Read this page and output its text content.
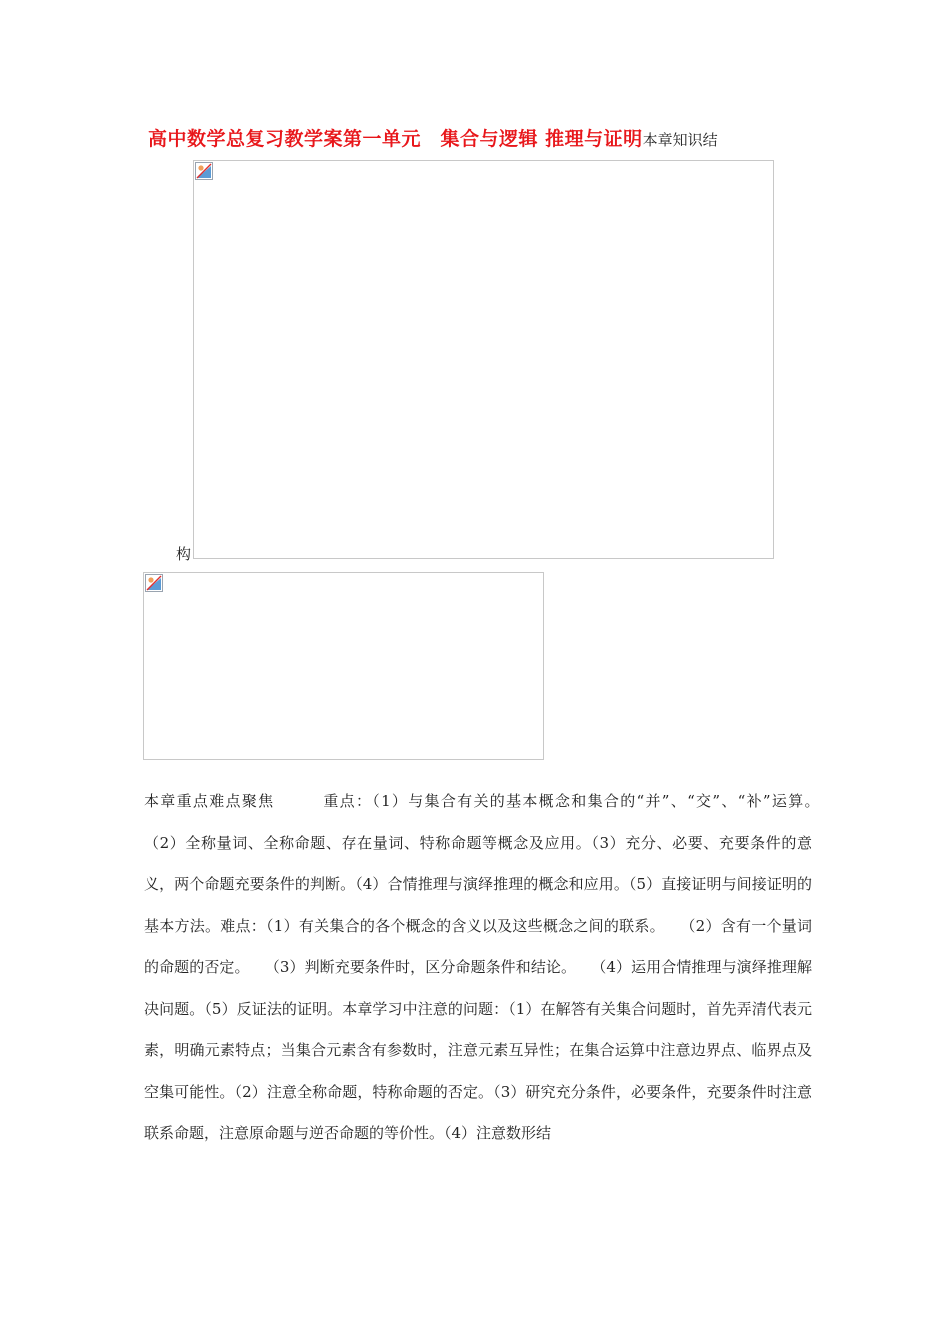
高中数学总复习教学案第一单元　集合与逻辑 推理与证明本章知识结
构
本章重点难点聚焦　　　重点：（1）与集合有关的基本概念和集合的“并”、“交”、“补”运算。　　　　　（2）全称量词、全称命题、存在量词、特称命题等概念及应用。（3）充分、必要、充要条件的意义，两个命题充要条件的判断。（4）合情推理与演绎推理的概念和应用。（5）直接证明与间接证明的基本方法。难点：（1）有关集合的各个概念的含义以及这些概念之间的联系。　　（2）含有一个量词的命题的否定。　　（3）判断充要条件时，区分命题条件和结论。　　（4）运用合情推理与演绎推理解决问题。（5）反证法的证明。本章学习中注意的问题：（1）在解答有关集合问题时，首先弄清代表元素，明确元素特点；当集合元素含有参数时，注意元素互异性；在集合运算中注意边界点、临界点及空集可能性。（2）注意全称命题，特称命题的否定。（3）研究充分条件，必要条件，充要条件时注意联系命题，注意原命题与逆否命题的等价性。（4）注意数形结
